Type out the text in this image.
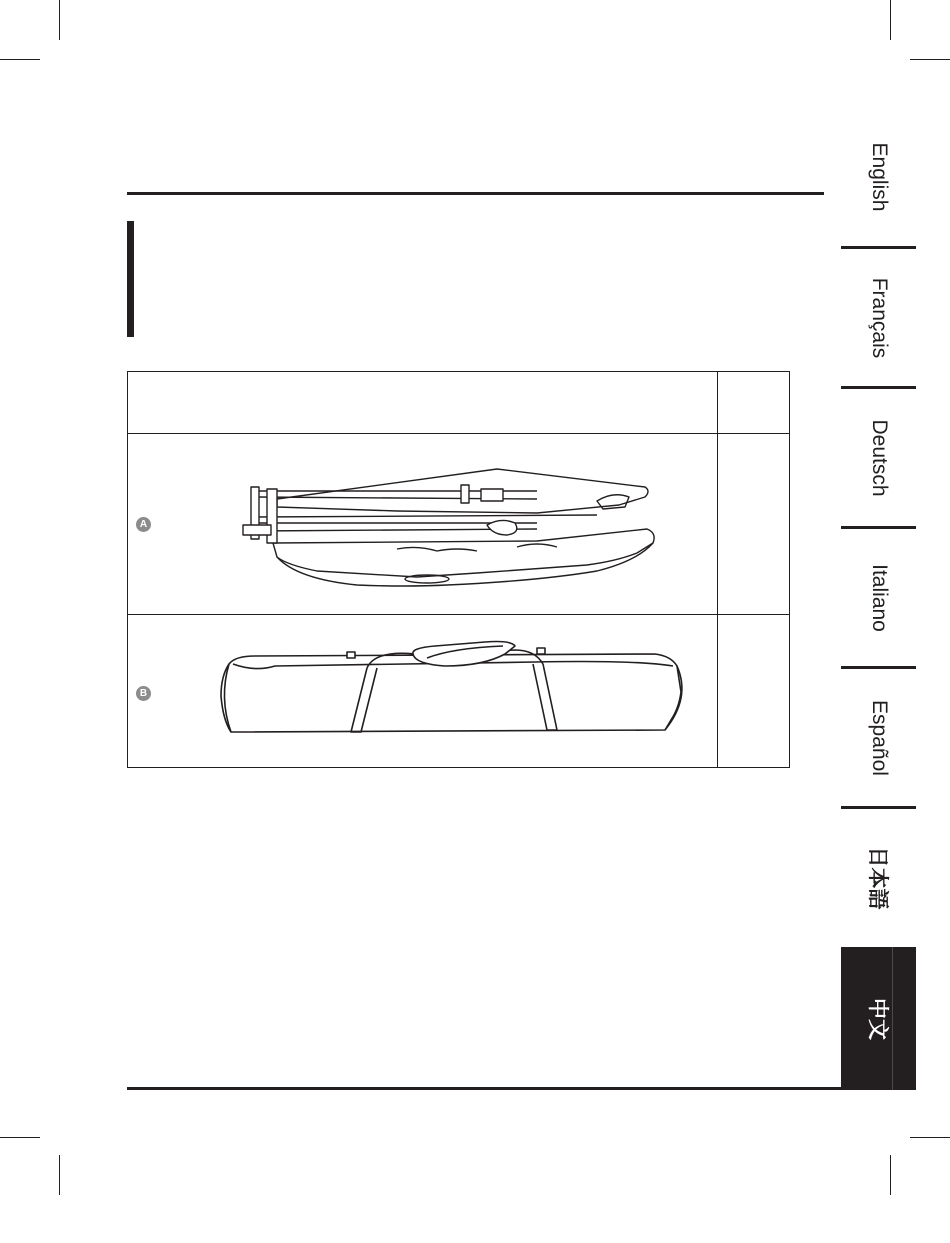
A
B
English
Français
Deutsch
Italiano
Español
日本語
中文
